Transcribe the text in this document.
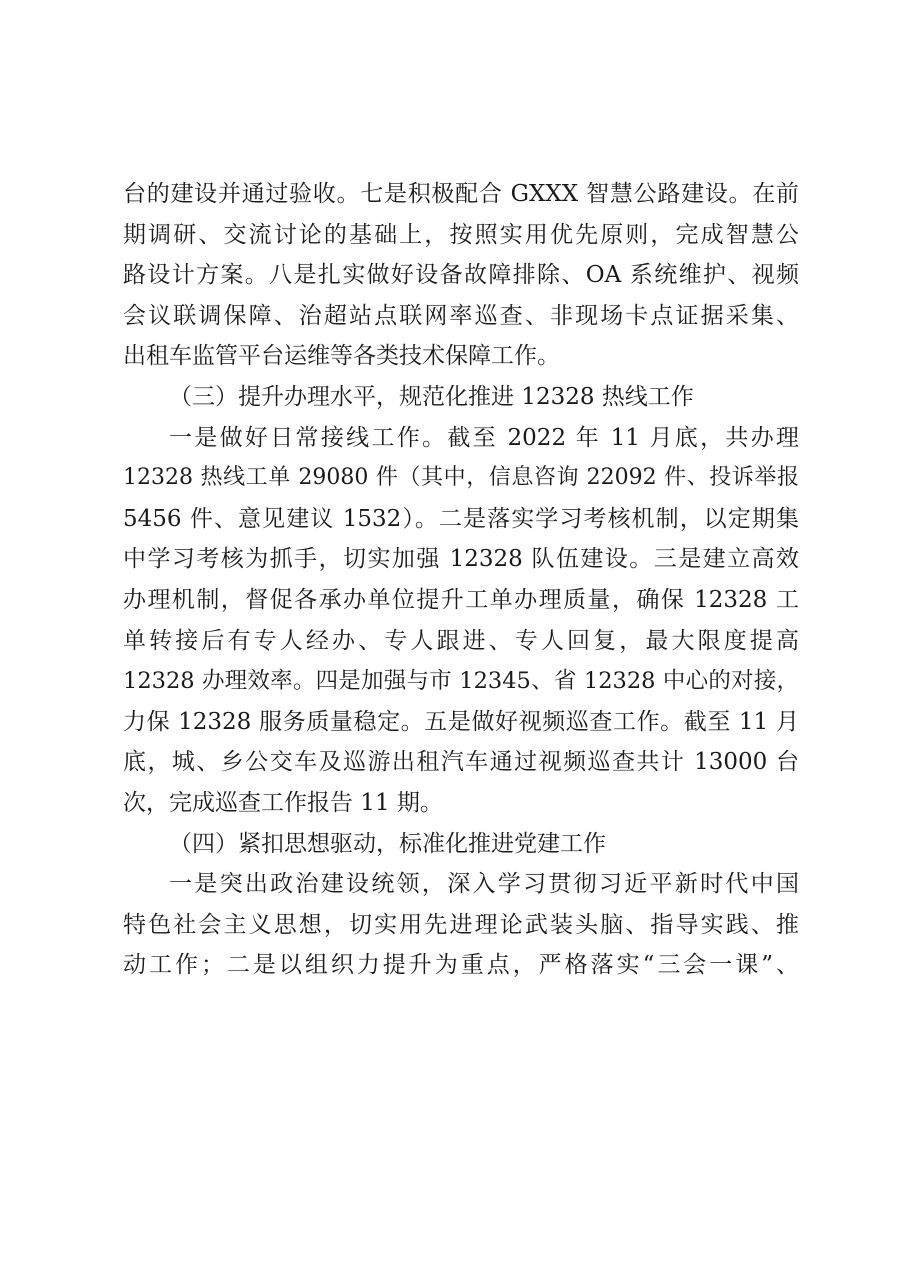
台的建设并通过验收。七是积极配合 GXXX 智慧公路建设。在前
期调研、交流讨论的基础上，按照实用优先原则，完成智慧公
路设计方案。八是扎实做好设备故障排除、OA 系统维护、视频
会议联调保障、治超站点联网率巡查、非现场卡点证据采集、
出租车监管平台运维等各类技术保障工作。
（三）提升办理水平，规范化推进 12328 热线工作
一是做好日常接线工作。截至 2022 年 11 月底，共办理
12328 热线工单 29080 件（其中，信息咨询 22092 件、投诉举报
5456 件、意见建议 1532）。二是落实学习考核机制，以定期集
中学习考核为抓手，切实加强 12328 队伍建设。三是建立高效
办理机制，督促各承办单位提升工单办理质量，确保 12328 工
单转接后有专人经办、专人跟进、专人回复，最大限度提高
12328 办理效率。四是加强与市 12345、省 12328 中心的对接，
力保 12328 服务质量稳定。五是做好视频巡查工作。截至 11 月
底，城、乡公交车及巡游出租汽车通过视频巡查共计 13000 台
次，完成巡查工作报告 11 期。
（四）紧扣思想驱动，标准化推进党建工作
一是突出政治建设统领，深入学习贯彻习近平新时代中国
特色社会主义思想，切实用先进理论武装头脑、指导实践、推
动工作；二是以组织力提升为重点，严格落实“三会一课”、
